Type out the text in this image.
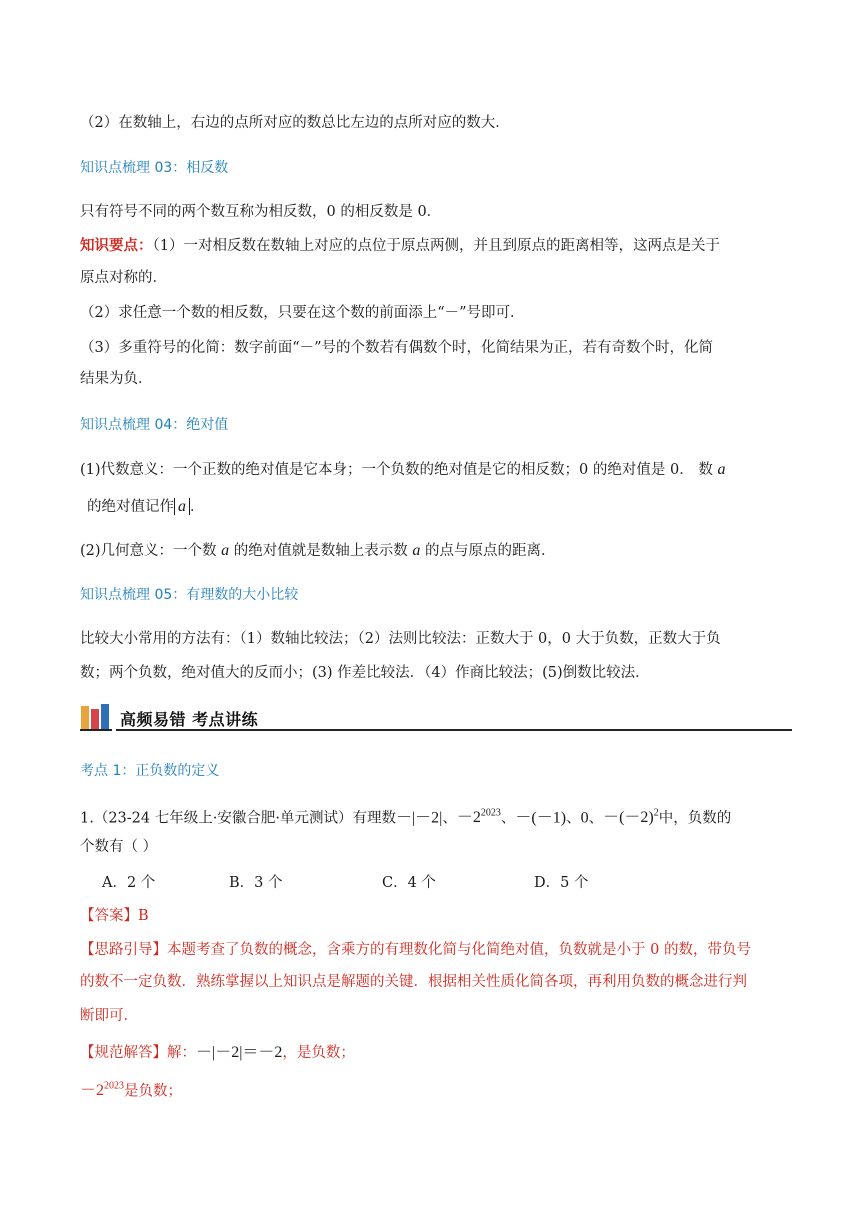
（2）在数轴上，右边的点所对应的数总比左边的点所对应的数大．
知识点梳理 03：相反数
只有符号不同的两个数互称为相反数，0 的相反数是 0．
知识要点：（1）一对相反数在数轴上对应的点位于原点两侧，并且到原点的距离相等，这两点是关于
原点对称的．
（2）求任意一个数的相反数，只要在这个数的前面添上“－”号即可．
（3）多重符号的化简：数字前面“－”号的个数若有偶数个时，化简结果为正，若有奇数个时，化简
结果为负．
知识点梳理 04：绝对值
(1)代数意义：一个正数的绝对值是它本身；一个负数的绝对值是它的相反数；0 的绝对值是 0． 数 a
的绝对值记作 a ．
(2)几何意义：一个数 a 的绝对值就是数轴上表示数 a 的点与原点的距离．
知识点梳理 05：有理数的大小比较
比较大小常用的方法有：（1）数轴比较法；（2）法则比较法：正数大于 0，0 大于负数，正数大于负
数；两个负数，绝对值大的反而小；(3) 作差比较法．（4）作商比较法；(5)倒数比较法．
高频易错 考点讲练
考点 1：正负数的定义
1.（23-24 七年级上·安徽合肥·单元测试）有理数－|－2|、$-2^{2023}$、－(－1)、0、$-(-2)^2$中，负数的
个数有（ ）
A．2 个	B．3 个	C．4 个	D．5 个
【答案】B
【思路引导】本题考查了负数的概念，含乘方的有理数化简与化简绝对值，负数就是小于 0 的数，带负号
的数不一定负数．熟练掌握以上知识点是解题的关键．根据相关性质化简各项，再利用负数的概念进行判
断即可．
【规范解答】解：－|－2|＝－2，是负数；
$-2^{2023}$是负数；
